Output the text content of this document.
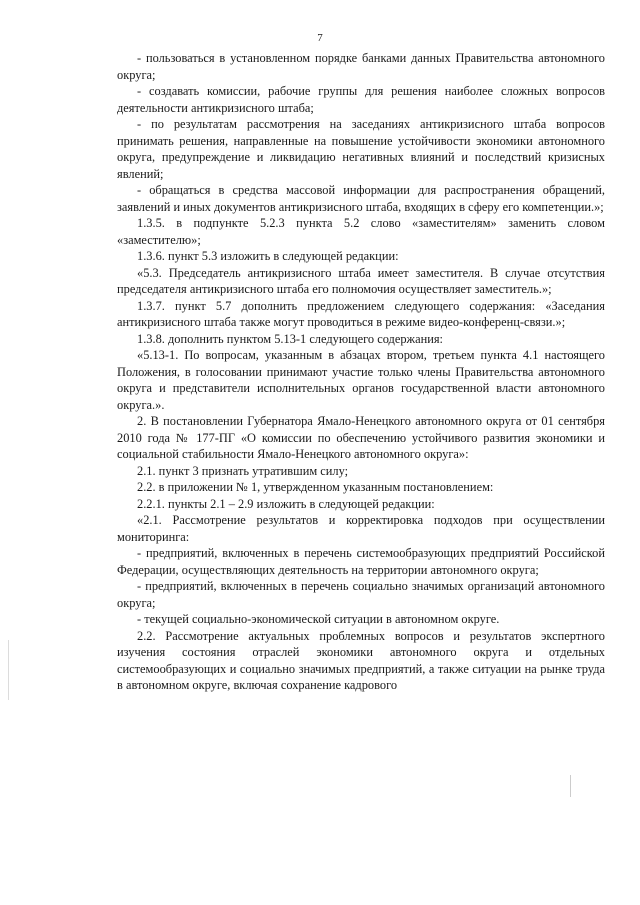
7

- пользоваться в установленном порядке банками данных Правительства автономного округа;

- создавать комиссии, рабочие группы для решения наиболее сложных вопросов деятельности антикризисного штаба;

- по результатам рассмотрения на заседаниях антикризисного штаба вопросов принимать решения, направленные на повышение устойчивости экономики автономного округа, предупреждение и ликвидацию негативных влияний и последствий кризисных явлений;

- обращаться в средства массовой информации для распространения обращений, заявлений и иных документов антикризисного штаба, входящих в сферу его компетенции.»;

1.3.5. в подпункте 5.2.3 пункта 5.2 слово «заместителям» заменить словом «заместителю»;

1.3.6. пункт 5.3 изложить в следующей редакции:

«5.3. Председатель антикризисного штаба имеет заместителя. В случае отсутствия председателя антикризисного штаба его полномочия осуществляет заместитель.»;

1.3.7. пункт 5.7 дополнить предложением следующего содержания: «Заседания антикризисного штаба также могут проводиться в режиме видео-конференц-связи.»;

1.3.8. дополнить пунктом 5.13-1 следующего содержания:

«5.13-1. По вопросам, указанным в абзацах втором, третьем пункта 4.1 настоящего Положения, в голосовании принимают участие только члены Правительства автономного округа и представители исполнительных органов государственной власти автономного округа.».

2. В постановлении Губернатора Ямало-Ненецкого автономного округа от 01 сентября 2010 года № 177-ПГ «О комиссии по обеспечению устойчивого развития экономики и социальной стабильности Ямало-Ненецкого автономного округа»:

2.1. пункт 3 признать утратившим силу;

2.2. в приложении № 1, утвержденном указанным постановлением:

2.2.1. пункты 2.1 – 2.9 изложить в следующей редакции:

«2.1. Рассмотрение результатов и корректировка подходов при осуществлении мониторинга:

- предприятий, включенных в перечень системообразующих предприятий Российской Федерации, осуществляющих деятельность на территории автономного округа;

- предприятий, включенных в перечень социально значимых организаций автономного округа;

- текущей социально-экономической ситуации в автономном округе.

2.2. Рассмотрение актуальных проблемных вопросов и результатов экспертного изучения состояния отраслей экономики автономного округа и отдельных системообразующих и социально значимых предприятий, а также ситуации на рынке труда в автономном округе, включая сохранение кадрового
